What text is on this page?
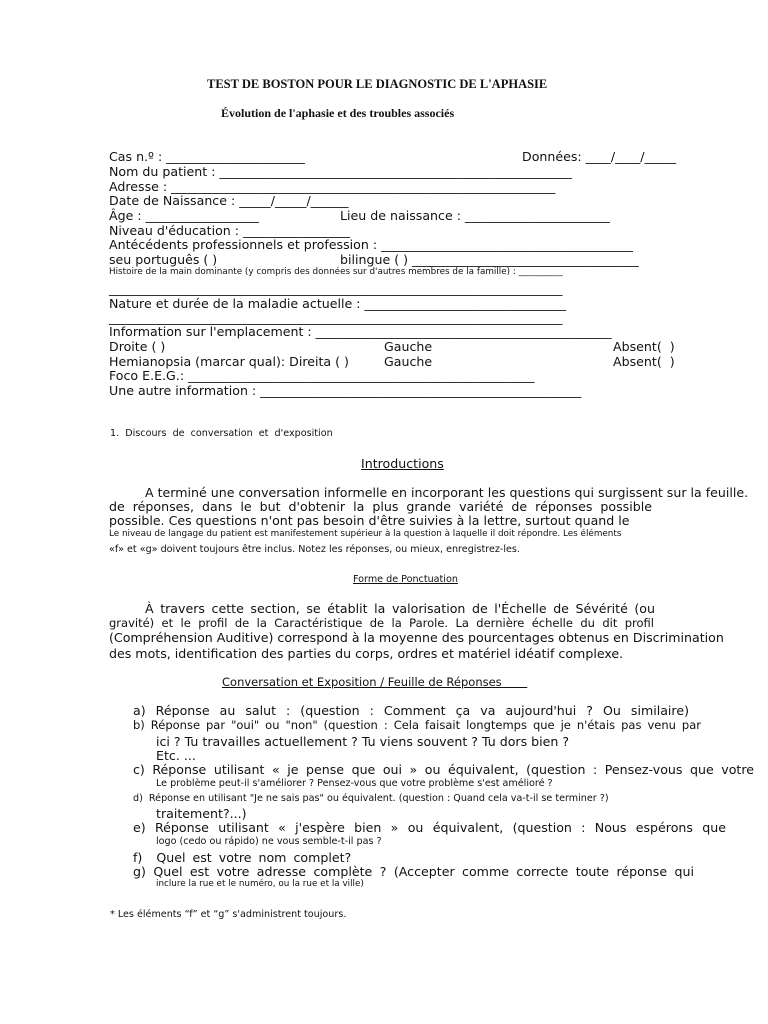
TEST DE BOSTON POUR LE DIAGNOSTIC DE L'APHASIE
Évolution de l'aphasie et des troubles associés
Cas n.º : ______________________	Données: ____/____/_____
Nom du patient : ________________________________________________________
Adresse : _____________________________________________________________
Date de Naissance : _____/_____/______
Âge : __________________	Lieu de naissance : _______________________
Niveau d'éducation : _________________
Antécédents professionnels et profession : ________________________________________
seu português ( )	bilingue ( ) ____________________________________
Histoire de la main dominante (y compris des données sur d'autres membres de la famille) : __________
________________________________________________________________________
Nature et durée de la maladie actuelle : ________________________________
________________________________________________________________________
Information sur l'emplacement : _______________________________________________
Droite ( )	Gauche	Absent(  )
Hemianopsia (marcar qual): Direita ( )	Gauche	Absent(  )
Foco E.E.G.: _______________________________________________________
Une autre information : ___________________________________________________
1.  Discours  de  conversation  et  d'exposition
Introductions
A terminé une conversation informelle en incorporant les questions qui surgissent sur la feuille.
de réponses, dans le but d'obtenir la plus grande variété de réponses possible
possible. Ces questions n'ont pas besoin d'être suivies à la lettre, surtout quand le
Le niveau de langage du patient est manifestement supérieur à la question à laquelle il doit répondre. Les éléments
«f» et «g» doivent toujours être inclus. Notez les réponses, ou mieux, enregistrez-les.
Forme de Ponctuation
À travers cette section, se établit la valorisation de l'Échelle de Sévérité (ou
gravité) et le profil de la Caractéristique de la Parole. La dernière échelle du dit profil
(Compréhension Auditive) correspond à la moyenne des pourcentages obtenus en Discrimination
des mots, identification des parties du corps, ordres et matériel idéatif complexe.
Conversation et Exposition / Feuille de Réponses
a) Réponse au salut : (question : Comment ça va aujourd'hui ? Ou similaire)
b) Réponse par "oui" ou "non" (question : Cela faisait longtemps que je n'étais pas venu par
ici ? Tu travailles actuellement ? Tu viens souvent ? Tu dors bien ?
Etc. ...
c) Réponse utilisant « je pense que oui » ou équivalent, (question : Pensez-vous que votre
Le problème peut-il s'améliorer ? Pensez-vous que votre problème s'est amélioré ?
d)  Réponse en utilisant "Je ne sais pas" ou équivalent. (question : Quand cela va-t-il se terminer ?)
traitement?...)
e) Réponse utilisant « j'espère bien » ou équivalent, (question : Nous espérons que
logo (cedo ou rápido) ne vous semble-t-il pas ?
f)  Quel est votre nom complet?
g) Quel est votre adresse complète ? (Accepter comme correcte toute réponse qui
inclure la rue et le numéro, ou la rue et la ville)
* Les éléments “f” et “g” s'administrent toujours.
